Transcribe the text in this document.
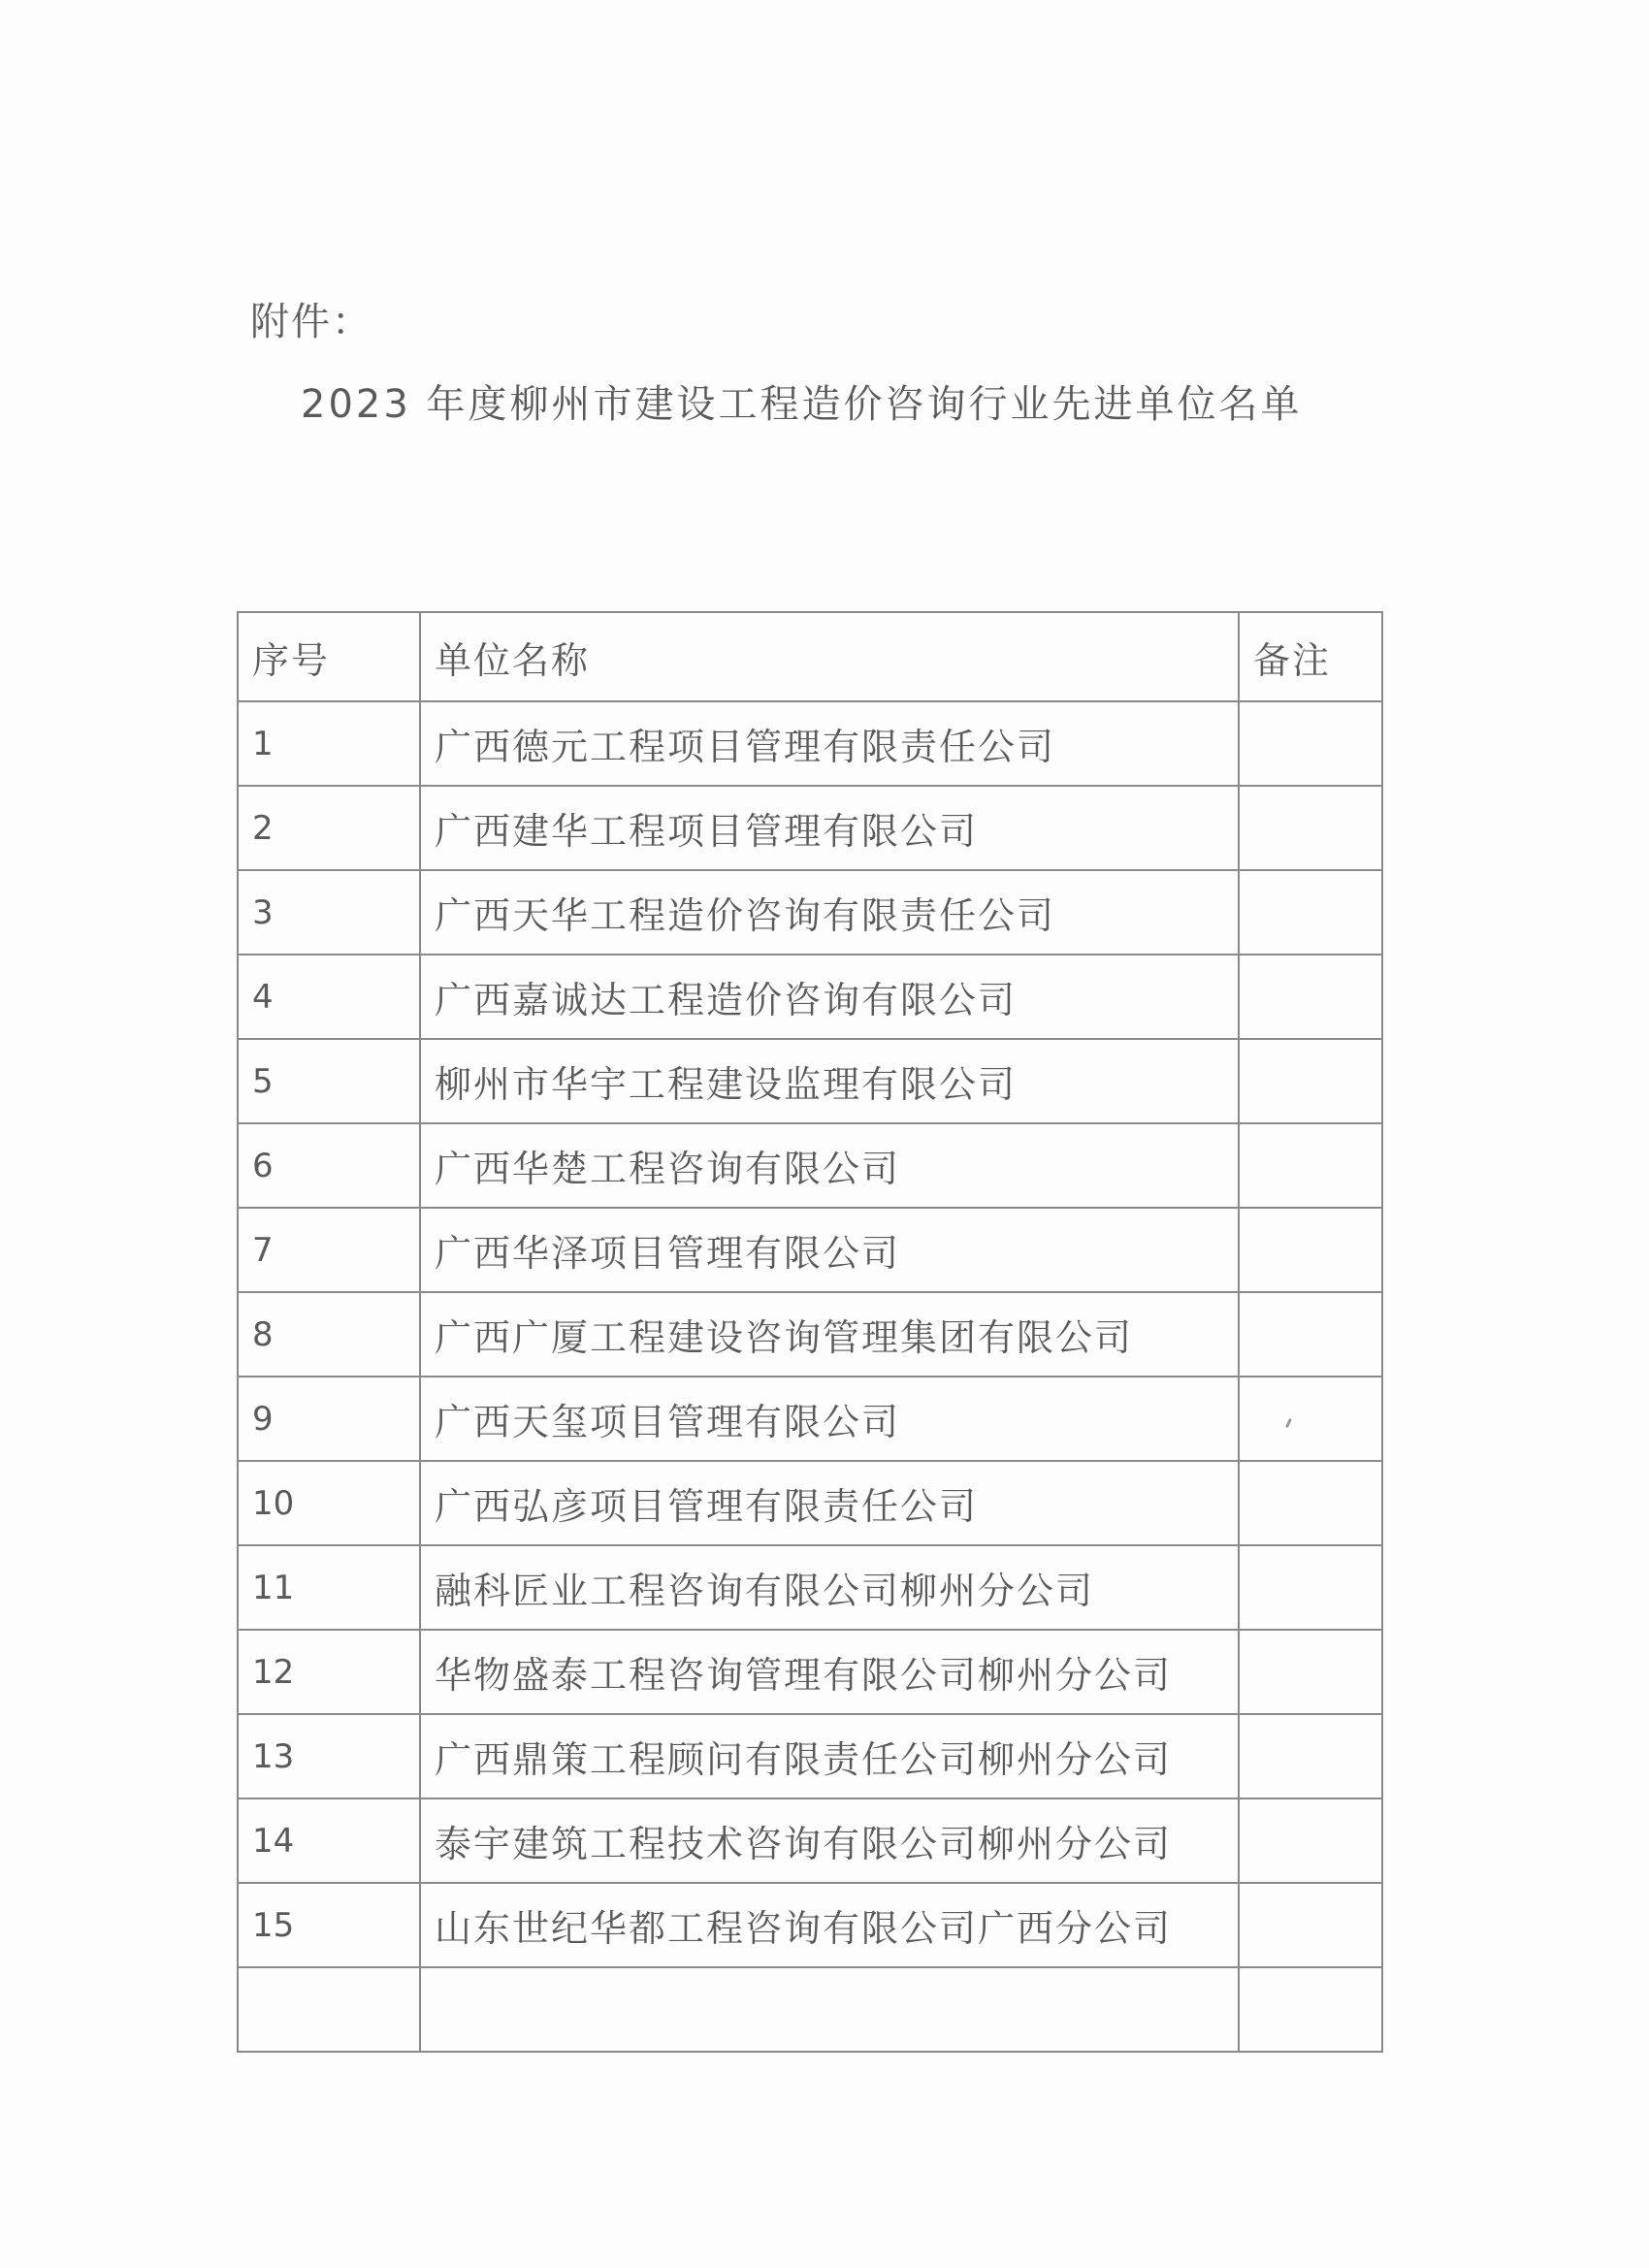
附件：
2023 年度柳州市建设工程造价咨询行业先进单位名单
序号	单位名称	备注
1	广西德元工程项目管理有限责任公司	
2	广西建华工程项目管理有限公司	
3	广西天华工程造价咨询有限责任公司	
4	广西嘉诚达工程造价咨询有限公司	
5	柳州市华宇工程建设监理有限公司	
6	广西华楚工程咨询有限公司	
7	广西华泽项目管理有限公司	
8	广西广厦工程建设咨询管理集团有限公司	
9	广西天玺项目管理有限公司	
10	广西弘彦项目管理有限责任公司	
11	融科匠业工程咨询有限公司柳州分公司	
12	华物盛泰工程咨询管理有限公司柳州分公司	
13	广西鼎策工程顾问有限责任公司柳州分公司	
14	泰宇建筑工程技术咨询有限公司柳州分公司	
15	山东世纪华都工程咨询有限公司广西分公司	
